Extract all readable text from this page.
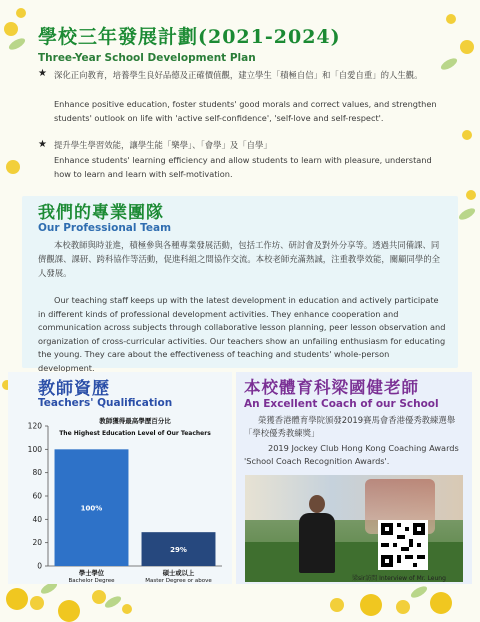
學校三年發展計劃(2021-2024)
Three-Year School Development Plan
★ 深化正向教育，培養學生良好品德及正確價值觀，建立學生「積極自信」和「自愛自重」的人生觀。
Enhance positive education, foster students' good morals and correct values, and strengthen students' outlook on life with 'active self-confidence', 'self-love and self-respect'.
★ 提升學生學習效能，讓學生能「樂學」、「會學」及「自學」
Enhance students' learning efficiency and allow students to learn with pleasure, understand how to learn and learn with self-motivation.
我們的專業團隊
Our Professional Team
本校教師與時並進，積極參與各種專業發展活動，包括工作坊、研討會及對外分享等。透過共同備課、同儕觀課、課研、跨科協作等活動，促進科組之間協作交流。本校老師充滿熱誠，注重教學效能，關顧同學的全人發展。
Our teaching staff keeps up with the latest development in education and actively participate in different kinds of professional development activities. They enhance cooperation and communication across subjects through collaborative lesson planning, peer lesson observation and organization of cross-curricular activities. Our teachers show an unfailing enthusiasm for educating the young. They care about the effectiveness of teaching and students' whole-person development.
教師資歷
Teachers' Qualification
教師獲得最高學歷百分比
The Highest Education Level of Our Teachers
0
20
40
60
80
100
120
100%
29%
學士學位
Bachelor Degree
碩士或以上
Master Degree or above
本校體育科梁國健老師
An Excellent Coach of our School
榮獲香港體育學院頒發2019賽馬會香港優秀教練選舉「學校優秀教練獎」
2019 Jockey Club Hong Kong Coaching Awards 'School Coach Recognition Awards'.
梁sir訪問 Interview of Mr. Leung
